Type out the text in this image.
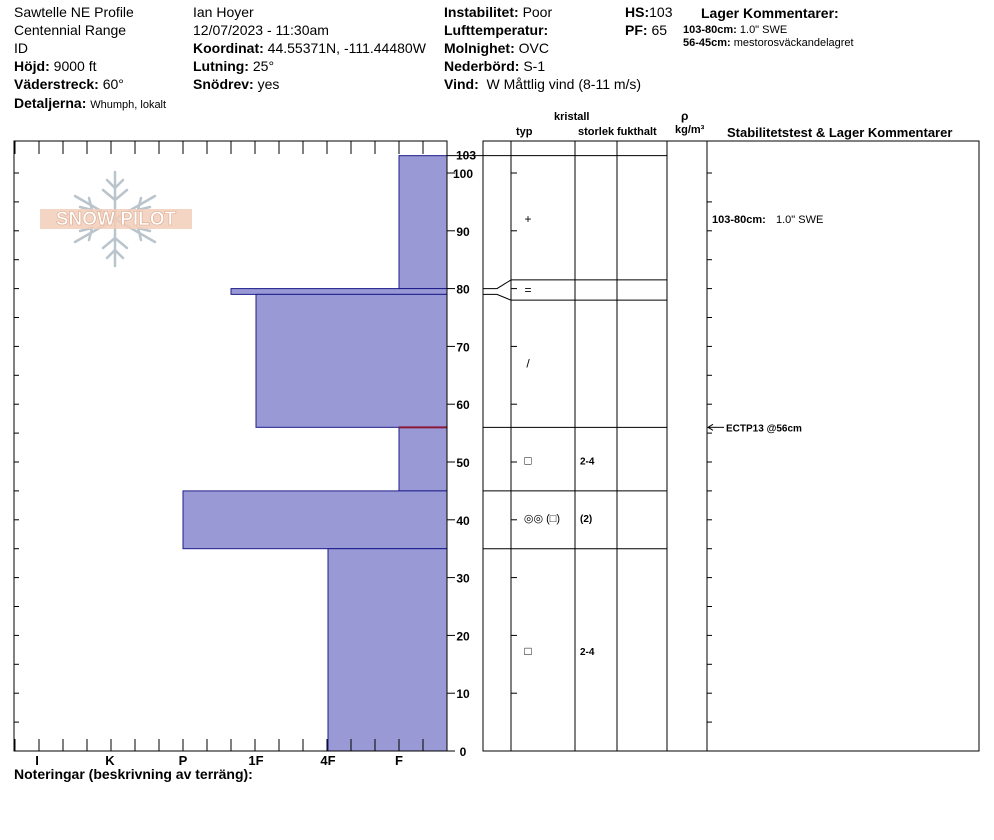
Sawtelle NE Profile
Centennial Range
ID
Höjd: 9000 ft
Väderstreck: 60°
Detaljerna: Whumph, lokalt
Ian Hoyer
12/07/2023 - 11:30am
Koordinat: 44.55371N, -111.44480W
Lutning: 25°
Snödrev: yes
Instabilitet: Poor
Lufttemperatur:
Molnighet: OVC
Nederbörd: S-1
Vind: W Måttlig vind (8-11 m/s)
HS:103
PF: 65
Lager Kommentarer:
103-80cm: 1.0" SWE
56-45cm: mestorosväckandelagret
kristall
typ	storlek fukthalt
ρ
kg/m³ Stabilitetstest & Lager Kommentarer
SNOW PILOT
I	K	P	1F	4F	F
0
10
20
30
40
50
60
70
80
90
100
103
+
=
/
□	2-4
◎◎ (□) (2)
□	2-4
103-80cm: 1.0" SWE
ECTP13 @56cm
Noteringar (beskrivning av terräng):
